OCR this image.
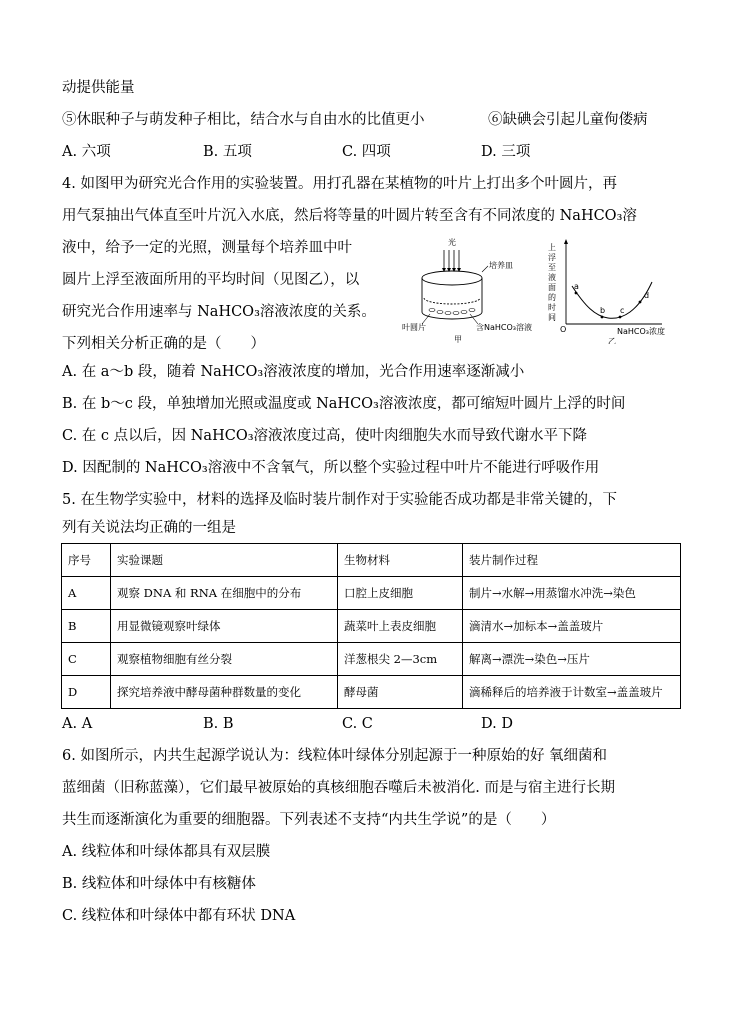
动提供能量
⑤休眠种子与萌发种子相比，结合水与自由水的比值更小	⑥缺碘会引起儿童佝偻病
A. 六项	B. 五项	C. 四项	D. 三项
4. 如图甲为研究光合作用的实验装置。用打孔器在某植物的叶片上打出多个叶圆片，再
用气泵抽出气体直至叶片沉入水底，然后将等量的叶圆片转至含有不同浓度的 NaHCO₃溶
液中，给予一定的光照，测量每个培养皿中叶
圆片上浮至液面所用的平均时间（见图乙），以
研究光合作用速率与 NaHCO₃溶液浓度的关系。
下列相关分析正确的是（　　）
光
培养皿
叶圆片	含NaHCO₃溶液
甲
上浮至 液面的 时间
a
b c
d
O	NaHCO₃浓度
乙
A. 在 a～b 段，随着 NaHCO₃溶液浓度的增加，光合作用速率逐渐减小
B. 在 b～c 段，单独增加光照或温度或 NaHCO₃溶液浓度，都可缩短叶圆片上浮的时间
C. 在 c 点以后，因 NaHCO₃溶液浓度过高，使叶肉细胞失水而导致代谢水平下降
D. 因配制的 NaHCO₃溶液中不含氧气，所以整个实验过程中叶片不能进行呼吸作用
5. 在生物学实验中，材料的选择及临时装片制作对于实验能否成功都是非常关键的，下
列有关说法均正确的一组是
序号	实验课题	生物材料	装片制作过程
A	观察 DNA 和 RNA 在细胞中的分布	口腔上皮细胞	制片→水解→用蒸馏水冲洗→染色
B	用显微镜观察叶绿体	蔬菜叶上表皮细胞	滴清水→加标本→盖盖玻片
C	观察植物细胞有丝分裂	洋葱根尖 2—3cm	解离→漂洗→染色→压片
D	探究培养液中酵母菌种群数量的变化	酵母菌	滴稀释后的培养液于计数室→盖盖玻片
A. A	B. B	C. C	D. D
6. 如图所示，内共生起源学说认为：线粒体叶绿体分别起源于一种原始的好 氧细菌和
蓝细菌（旧称蓝藻），它们最早被原始的真核细胞吞噬后未被消化. 而是与宿主进行长期
共生而逐渐演化为重要的细胞器。下列表述不支持“内共生学说”的是（　　）
A. 线粒体和叶绿体都具有双层膜
B. 线粒体和叶绿体中有核糖体
C. 线粒体和叶绿体中都有环状 DNA
